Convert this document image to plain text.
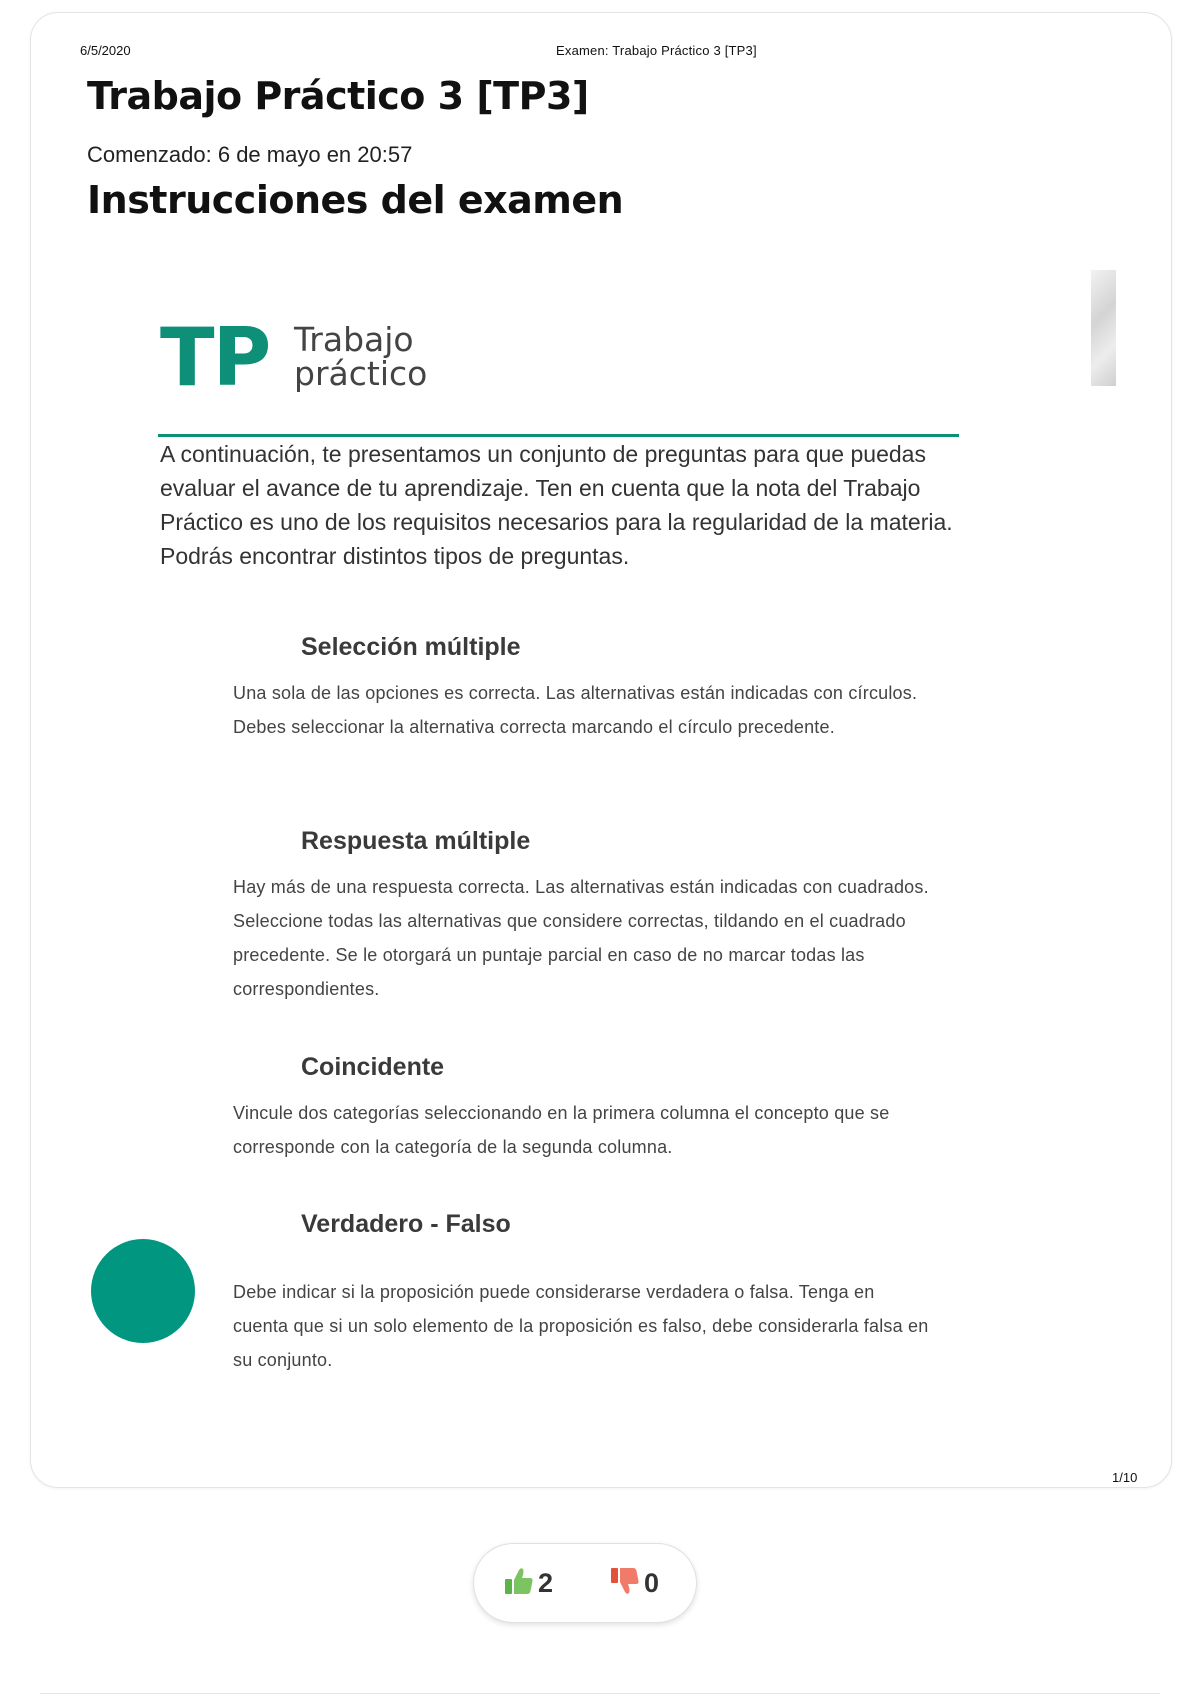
6/5/2020	Examen: Trabajo Práctico 3 [TP3]
Trabajo Práctico 3 [TP3]
Comenzado: 6 de mayo en 20:57
Instrucciones del examen
TP Trabajo
práctico

A continuación, te presentamos un conjunto de preguntas para que puedas evaluar el avance de tu aprendizaje. Ten en cuenta que la nota del Trabajo Práctico es uno de los requisitos necesarios para la regularidad de la materia. Podrás encontrar distintos tipos de preguntas.

Selección múltiple

Una sola de las opciones es correcta. Las alternativas están indicadas con círculos. Debes seleccionar la alternativa correcta marcando el círculo precedente.

Respuesta múltiple

Hay más de una respuesta correcta. Las alternativas están indicadas con cuadrados. Seleccione todas las alternativas que considere correctas, tildando en el cuadrado precedente. Se le otorgará un puntaje parcial en caso de no marcar todas las correspondientes.

Coincidente

Vincule dos categorías seleccionando en la primera columna el concepto que se corresponde con la categoría de la segunda columna.

Verdadero - Falso

Debe indicar si la proposición puede considerarse verdadera o falsa. Tenga en cuenta que si un solo elemento de la proposición es falso, debe considerarla falsa en su conjunto.

1/10
2	0
